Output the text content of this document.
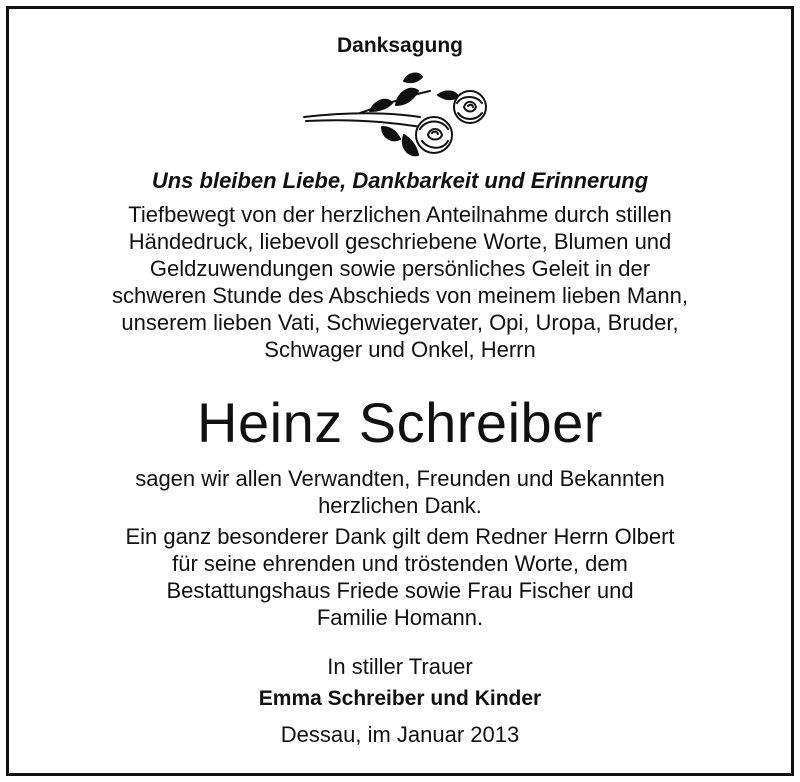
Danksagung
Uns bleiben Liebe, Dankbarkeit und Erinnerung
Tiefbewegt von der herzlichen Anteilnahme durch stillen
Händedruck, liebevoll geschriebene Worte, Blumen und
Geldzuwendungen sowie persönliches Geleit in der
schweren Stunde des Abschieds von meinem lieben Mann,
unserem lieben Vati, Schwiegervater, Opi, Uropa, Bruder,
Schwager und Onkel, Herrn
Heinz Schreiber
sagen wir allen Verwandten, Freunden und Bekannten
herzlichen Dank.
Ein ganz besonderer Dank gilt dem Redner Herrn Olbert
für seine ehrenden und tröstenden Worte, dem
Bestattungshaus Friede sowie Frau Fischer und
Familie Homann.
In stiller Trauer
Emma Schreiber und Kinder
Dessau, im Januar 2013
